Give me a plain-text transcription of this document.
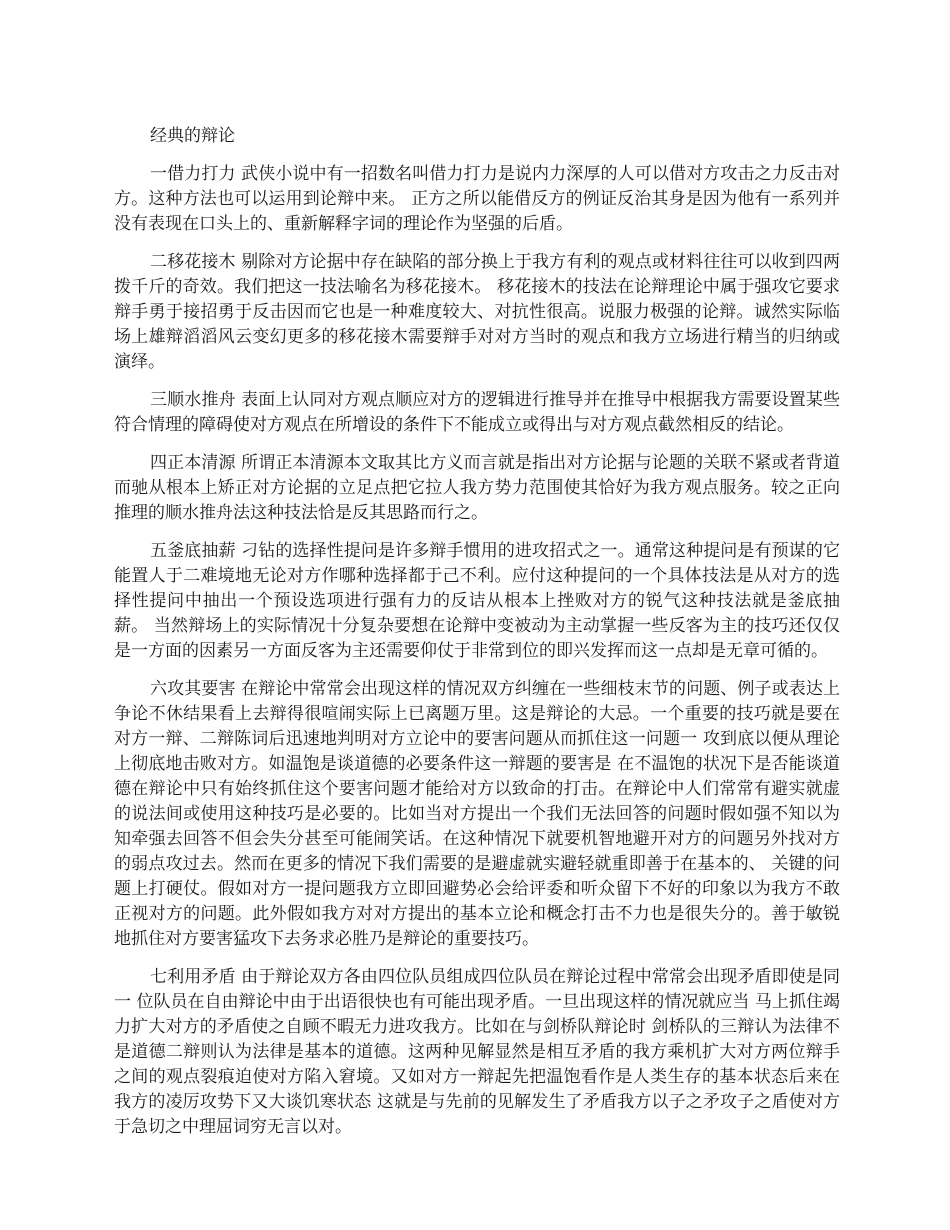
经典的辩论

一借力打力 武侠小说中有一招数名叫借力打力是说内力深厚的人可以借对方攻击之力反击对方。这种方法也可以运用到论辩中来。 正方之所以能借反方的例证反治其身是因为他有一系列并没有表现在口头上的、重新解释字词的理论作为坚强的后盾。

二移花接木 剔除对方论据中存在缺陷的部分换上于我方有利的观点或材料往往可以收到四两拨千斤的奇效。我们把这一技法喻名为移花接木。 移花接木的技法在论辩理论中属于强攻它要求辩手勇于接招勇于反击因而它也是一种难度较大、对抗性很高。说服力极强的论辩。诚然实际临场上雄辩滔滔风云变幻更多的移花接木需要辩手对对方当时的观点和我方立场进行精当的归纳或演绎。

三顺水推舟 表面上认同对方观点顺应对方的逻辑进行推导并在推导中根据我方需要设置某些符合情理的障碍使对方观点在所增设的条件下不能成立或得出与对方观点截然相反的结论。

四正本清源 所谓正本清源本文取其比方义而言就是指出对方论据与论题的关联不紧或者背道而驰从根本上矫正对方论据的立足点把它拉人我方势力范围使其恰好为我方观点服务。较之正向推理的顺水推舟法这种技法恰是反其思路而行之。

五釜底抽薪 刁钻的选择性提问是许多辩手惯用的进攻招式之一。通常这种提问是有预谋的它能置人于二难境地无论对方作哪种选择都于己不利。应付这种提问的一个具体技法是从对方的选择性提问中抽出一个预设选项进行强有力的反诘从根本上挫败对方的锐气这种技法就是釜底抽薪。 当然辩场上的实际情况十分复杂要想在论辩中变被动为主动掌握一些反客为主的技巧还仅仅是一方面的因素另一方面反客为主还需要仰仗于非常到位的即兴发挥而这一点却是无章可循的。

六攻其要害 在辩论中常常会出现这样的情况双方纠缠在一些细枝末节的问题、例子或表达上争论不休结果看上去辩得很喧闹实际上已离题万里。这是辩论的大忌。一个重要的技巧就是要在对方一辩、二辩陈词后迅速地判明对方立论中的要害问题从而抓住这一问题一 攻到底以便从理论上彻底地击败对方。如温饱是谈道德的必要条件这一辩题的要害是 在不温饱的状况下是否能谈道德在辩论中只有始终抓住这个要害问题才能给对方以致命的打击。在辩论中人们常常有避实就虚的说法间或使用这种技巧是必要的。比如当对方提出一个我们无法回答的问题时假如强不知以为知牵强去回答不但会失分甚至可能闹笑话。在这种情况下就要机智地避开对方的问题另外找对方的弱点攻过去。然而在更多的情况下我们需要的是避虚就实避轻就重即善于在基本的、 关键的问题上打硬仗。假如对方一提问题我方立即回避势必会给评委和听众留下不好的印象以为我方不敢正视对方的问题。此外假如我方对对方提出的基本立论和概念打击不力也是很失分的。善于敏锐地抓住对方要害猛攻下去务求必胜乃是辩论的重要技巧。

七利用矛盾 由于辩论双方各由四位队员组成四位队员在辩论过程中常常会出现矛盾即使是同一 位队员在自由辩论中由于出语很快也有可能出现矛盾。一旦出现这样的情况就应当 马上抓住竭力扩大对方的矛盾使之自顾不暇无力进攻我方。比如在与剑桥队辩论时 剑桥队的三辩认为法律不是道德二辩则认为法律是基本的道德。这两种见解显然是相互矛盾的我方乘机扩大对方两位辩手之间的观点裂痕迫使对方陷入窘境。又如对方一辩起先把温饱看作是人类生存的基本状态后来在我方的凌厉攻势下又大谈饥寒状态 这就是与先前的见解发生了矛盾我方以子之矛攻子之盾使对方于急切之中理屈词穷无言以对。
